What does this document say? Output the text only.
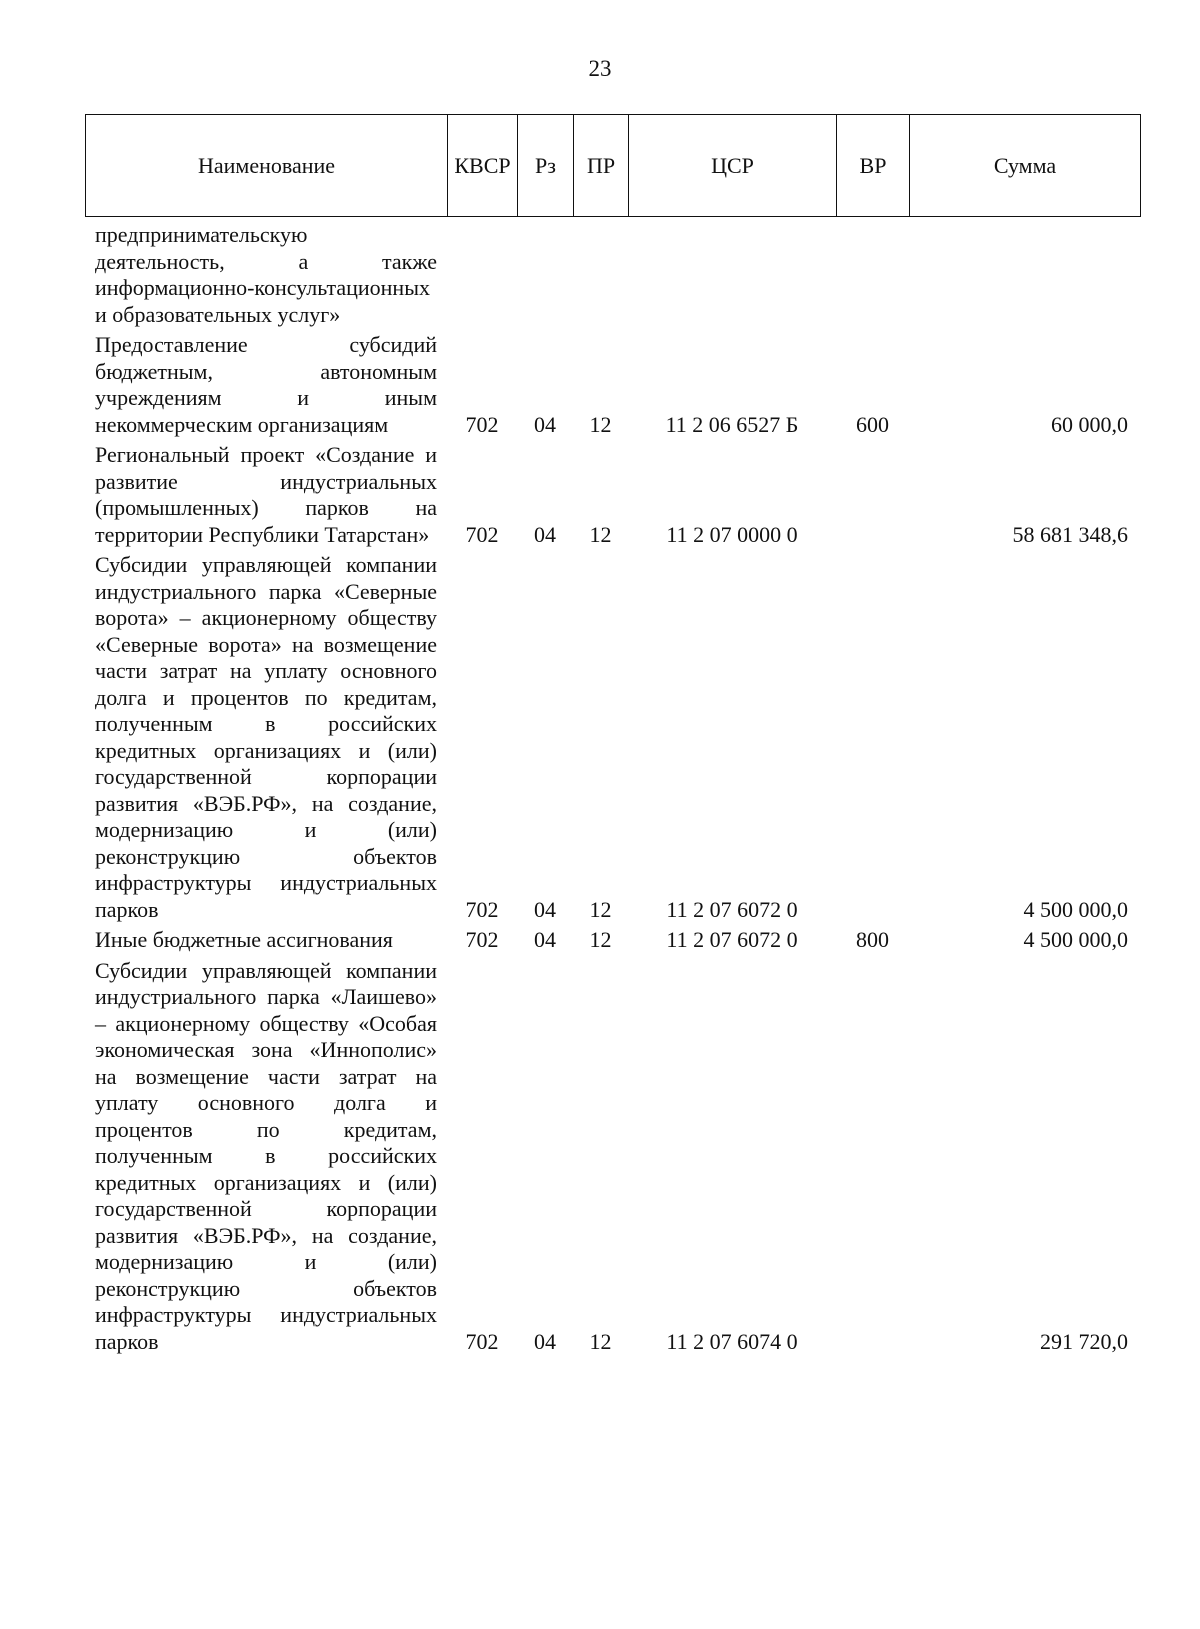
23
Наименование	КВСР	Рз	ПР	ЦСР	ВР	Сумма
предпринимательскую деятельность, а также информационно-консультационных и образовательных услуг»						
Предоставление субсидий бюджетным, автономным учреждениям и иным некоммерческим организациям	702	04	12	11 2 06 6527 Б	600	60 000,0
Региональный проект «Создание и развитие индустриальных (промышленных) парков на территории Республики Татарстан»	702	04	12	11 2 07 0000 0		58 681 348,6
Субсидии управляющей компании индустриального парка «Северные ворота» – акционерному обществу «Северные ворота» на возмещение части затрат на уплату основного долга и процентов по кредитам, полученным в российских кредитных организациях и (или) государственной корпорации развития «ВЭБ.РФ», на создание, модернизацию и (или) реконструкцию объектов инфраструктуры индустриальных парков	702	04	12	11 2 07 6072 0		4 500 000,0
Иные бюджетные ассигнования	702	04	12	11 2 07 6072 0	800	4 500 000,0
Субсидии управляющей компании индустриального парка «Лаишево» – акционерному обществу «Особая экономическая зона «Иннополис» на возмещение части затрат на уплату основного долга и процентов по кредитам, полученным в российских кредитных организациях и (или) государственной корпорации развития «ВЭБ.РФ», на создание, модернизацию и (или) реконструкцию объектов инфраструктуры индустриальных парков	702	04	12	11 2 07 6074 0		291 720,0
